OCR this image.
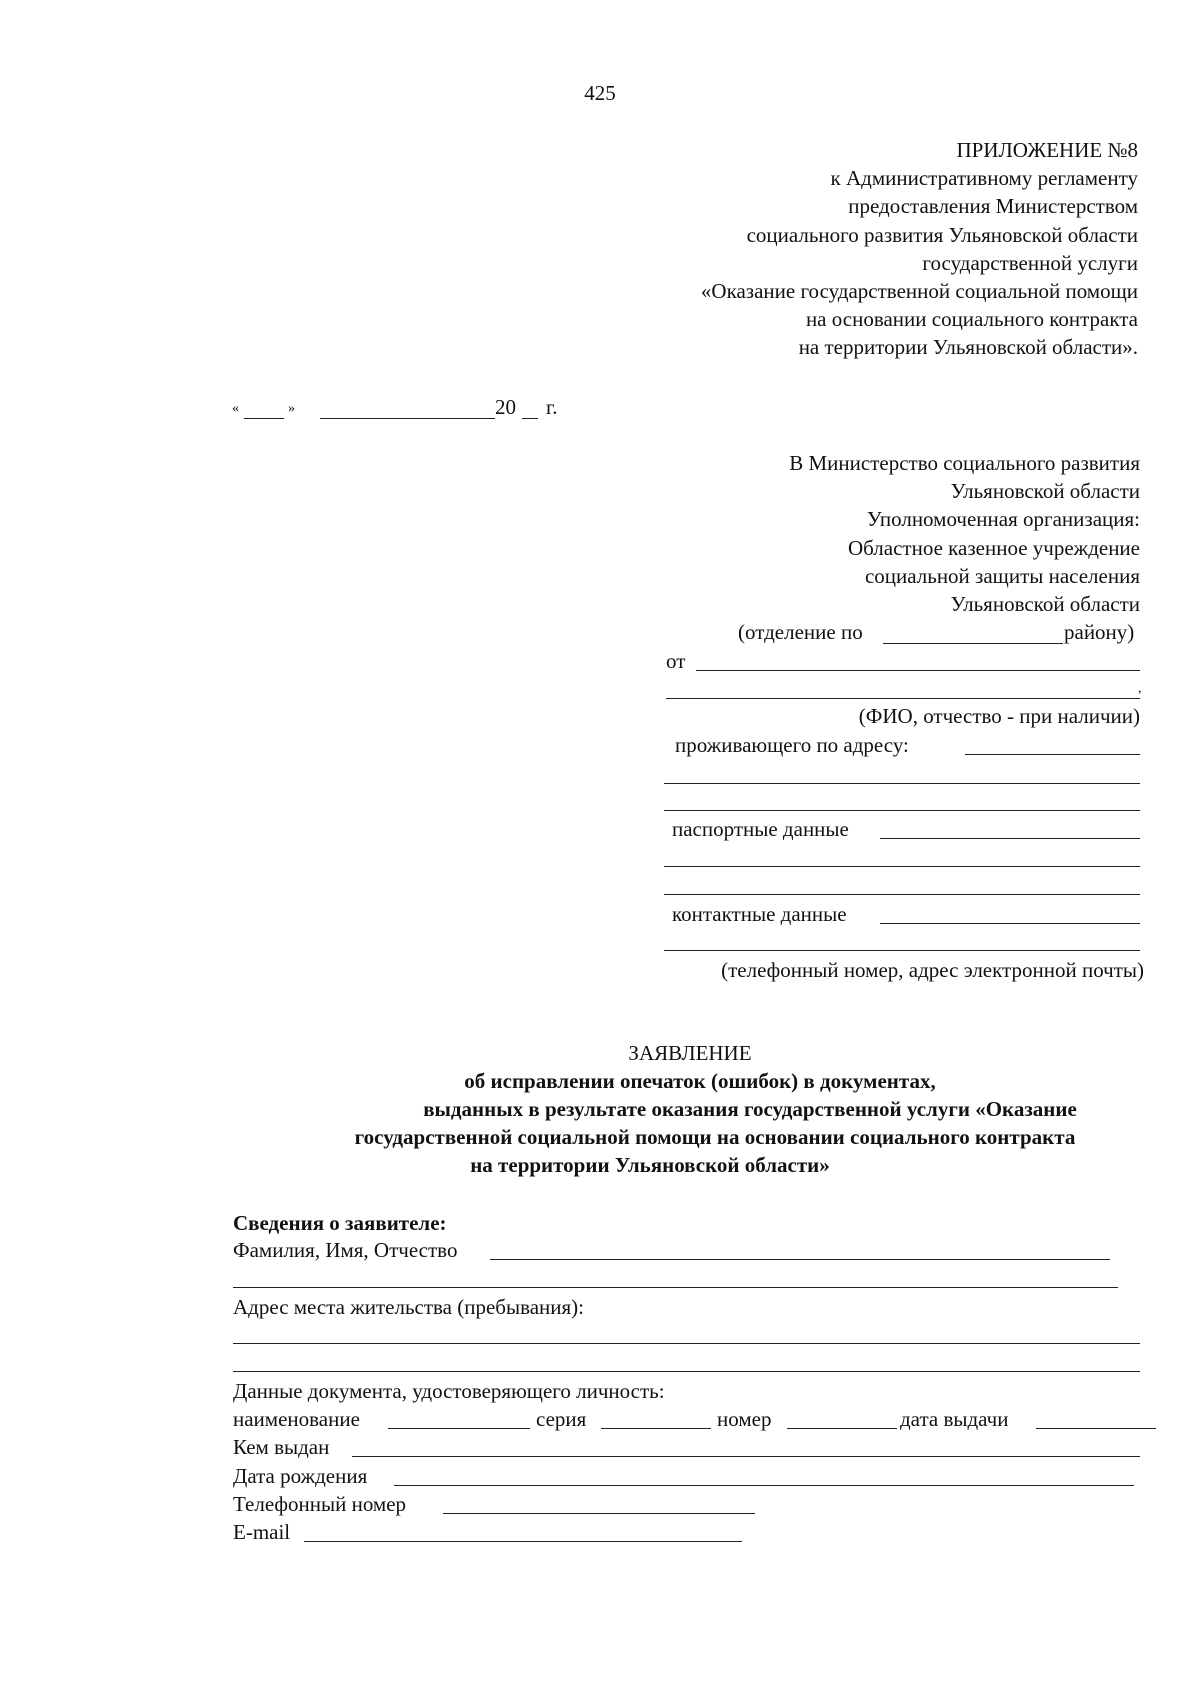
425
ПРИЛОЖЕНИЕ №8
к Административному регламенту
предоставления Министерством
социального развития Ульяновской области
государственной услуги
«Оказание государственной социальной помощи
на основании социального контракта
на территории Ульяновской области».
«	»	20 г.
В Министерство социального развития
Ульяновской области
Уполномоченная организация:
Областное казенное учреждение
социальной защиты населения
Ульяновской области
(отделение по	району)
от
,
(ФИО, отчество - при наличии)
проживающего по адресу:
паспортные данные
контактные данные
(телефонный номер, адрес электронной почты)
ЗАЯВЛЕНИЕ
об исправлении опечаток (ошибок) в документах,
выданных в результате оказания государственной услуги «Оказание
государственной социальной помощи на основании социального контракта
на территории Ульяновской области»
Сведения о заявителе:
Фамилия, Имя, Отчество
Адрес места жительства (пребывания):
Данные документа, удостоверяющего личность:
наименование	серия	номер	дата выдачи
Кем выдан
Дата рождения
Телефонный номер
E-mail
